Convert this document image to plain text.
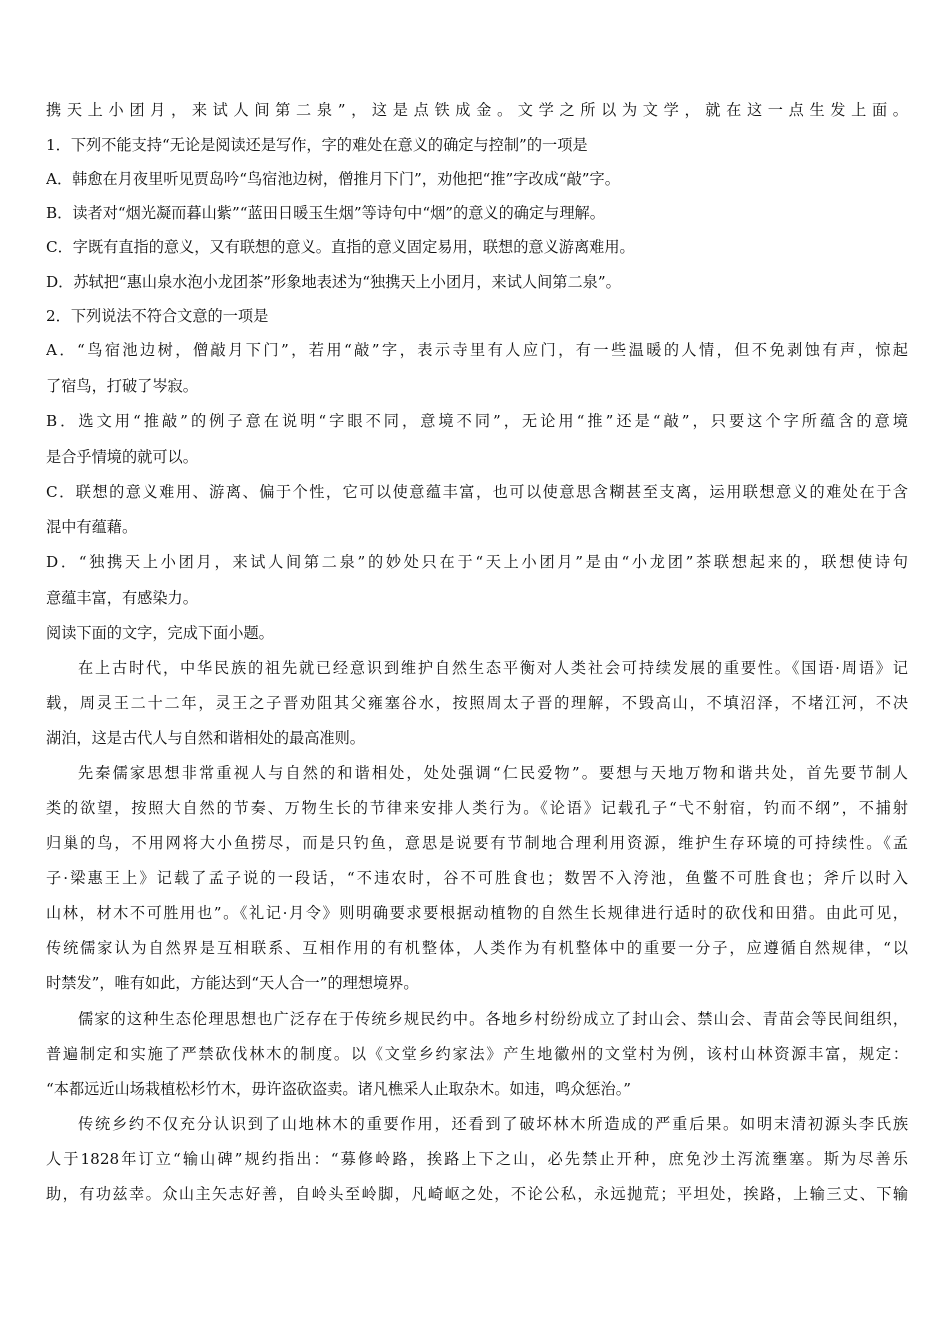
携天上小团月，来试人间第二泉”，这是点铁成金。文学之所以为文学，就在这一点生发上面。
1．下列不能支持“无论是阅读还是写作，字的难处在意义的确定与控制”的一项是
A．韩愈在月夜里听见贾岛吟“鸟宿池边树，僧推月下门”，劝他把“推”字改成“敲”字。
B．读者对“烟光凝而暮山紫”“蓝田日暖玉生烟”等诗句中“烟”的意义的确定与理解。
C．字既有直指的意义，又有联想的意义。直指的意义固定易用，联想的意义游离难用。
D．苏轼把“惠山泉水泡小龙团茶”形象地表述为“独携天上小团月，来试人间第二泉”。
2．下列说法不符合文意的一项是
A．“鸟宿池边树，僧敲月下门”，若用“敲”字，表示寺里有人应门，有一些温暖的人情，但不免剥蚀有声，惊起
了宿鸟，打破了岑寂。
B．选文用“推敲”的例子意在说明“字眼不同，意境不同”，无论用“推”还是“敲”，只要这个字所蕴含的意境
是合乎情境的就可以。
C．联想的意义难用、游离、偏于个性，它可以使意蕴丰富，也可以使意思含糊甚至支离，运用联想意义的难处在于含
混中有蕴藉。
D．“独携天上小团月，来试人间第二泉”的妙处只在于“天上小团月”是由“小龙团”茶联想起来的，联想使诗句
意蕴丰富，有感染力。
阅读下面的文字，完成下面小题。
在上古时代，中华民族的祖先就已经意识到维护自然生态平衡对人类社会可持续发展的重要性。《国语·周语》记
载，周灵王二十二年，灵王之子晋劝阻其父雍塞谷水，按照周太子晋的理解，不毁高山，不填沼泽，不堵江河，不决
湖泊，这是古代人与自然和谐相处的最高准则。
先秦儒家思想非常重视人与自然的和谐相处，处处强调“仁民爱物”。要想与天地万物和谐共处，首先要节制人
类的欲望，按照大自然的节奏、万物生长的节律来安排人类行为。《论语》记载孔子“弋不射宿，钓而不纲”，不捕射
归巢的鸟，不用网将大小鱼捞尽，而是只钓鱼，意思是说要有节制地合理利用资源，维护生存环境的可持续性。《孟
子·梁惠王上》记载了孟子说的一段话，“不违农时，谷不可胜食也；数罟不入洿池，鱼鳖不可胜食也；斧斤以时入
山林，材木不可胜用也”。《礼记·月令》则明确要求要根据动植物的自然生长规律进行适时的砍伐和田猎。由此可见，
传统儒家认为自然界是互相联系、互相作用的有机整体，人类作为有机整体中的重要一分子，应遵循自然规律，“以
时禁发”，唯有如此，方能达到“天人合一”的理想境界。
儒家的这种生态伦理思想也广泛存在于传统乡规民约中。各地乡村纷纷成立了封山会、禁山会、青苗会等民间组织，
普遍制定和实施了严禁砍伐林木的制度。以《文堂乡约家法》产生地徽州的文堂村为例，该村山林资源丰富，规定：
“本都远近山场栽植松杉竹木，毋许盗砍盗卖。诸凡樵采人止取杂木。如违，鸣众惩治。”
传统乡约不仅充分认识到了山地林木的重要作用，还看到了破坏林木所造成的严重后果。如明末清初源头李氏族
人于1828年订立“输山碑”规约指出：“募修岭路，挨路上下之山，必先禁止开种，庶免沙土泻流壅塞。斯为尽善乐
助，有功兹幸。众山主矢志好善，自岭头至岭脚，凡崎岖之处，不论公私，永远抛荒；平坦处，挨路，上输三丈、下输
